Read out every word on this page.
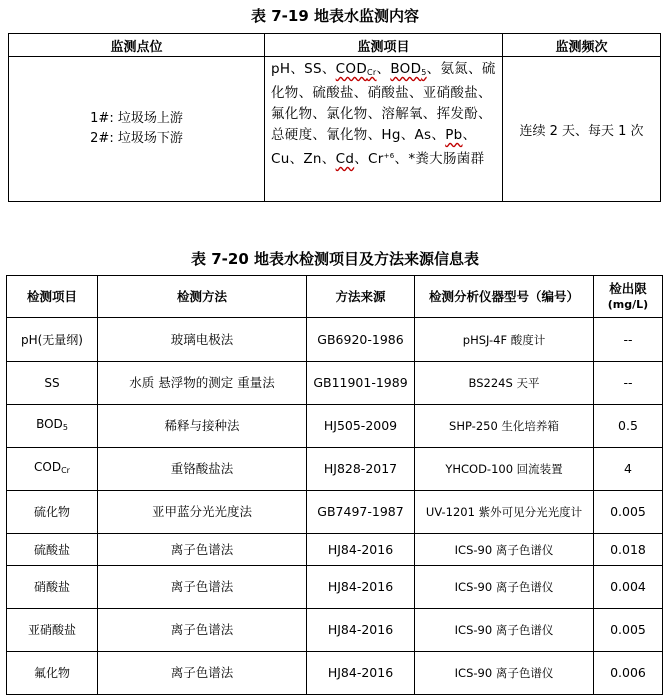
表 7-19 地表水监测内容
监测点位	监测项目	监测频次

1#: 垃圾场上游
2#: 垃圾场下游	pH、SS、$COD_{Cr}$、$BOD_5$、氨氮、硫化物、硫酸盐、硝酸盐、亚硝酸盐、氟化物、氯化物、溶解氧、挥发酚、总硬度、氰化物、Hg、As、Pb、Cu、Zn、Cd、$Cr^{+6}$、*粪大肠菌群	连续 2 天、每天 1 次
表 7-20 地表水检测项目及方法来源信息表
检测项目	检测方法	方法来源	检测分析仪器型号（编号）	检出限
(mg/L)

pH(无量纲)	玻璃电极法	GB6920-1986	pHSJ-4F 酸度计	--
SS	水质 悬浮物的测定 重量法	GB11901-1989	BS224S 天平	--
$BOD_5$	稀释与接种法	HJ505-2009	SHP-250 生化培养箱	0.5
$COD_{Cr}$	重铬酸盐法	HJ828-2017	YHCOD-100 回流装置	4
硫化物	亚甲蓝分光光度法	GB7497-1987	UV-1201 紫外可见分光光度计	0.005
硫酸盐	离子色谱法	HJ84-2016	ICS-90 离子色谱仪	0.018
硝酸盐	离子色谱法	HJ84-2016	ICS-90 离子色谱仪	0.004
亚硝酸盐	离子色谱法	HJ84-2016	ICS-90 离子色谱仪	0.005
氟化物	离子色谱法	HJ84-2016	ICS-90 离子色谱仪	0.006
